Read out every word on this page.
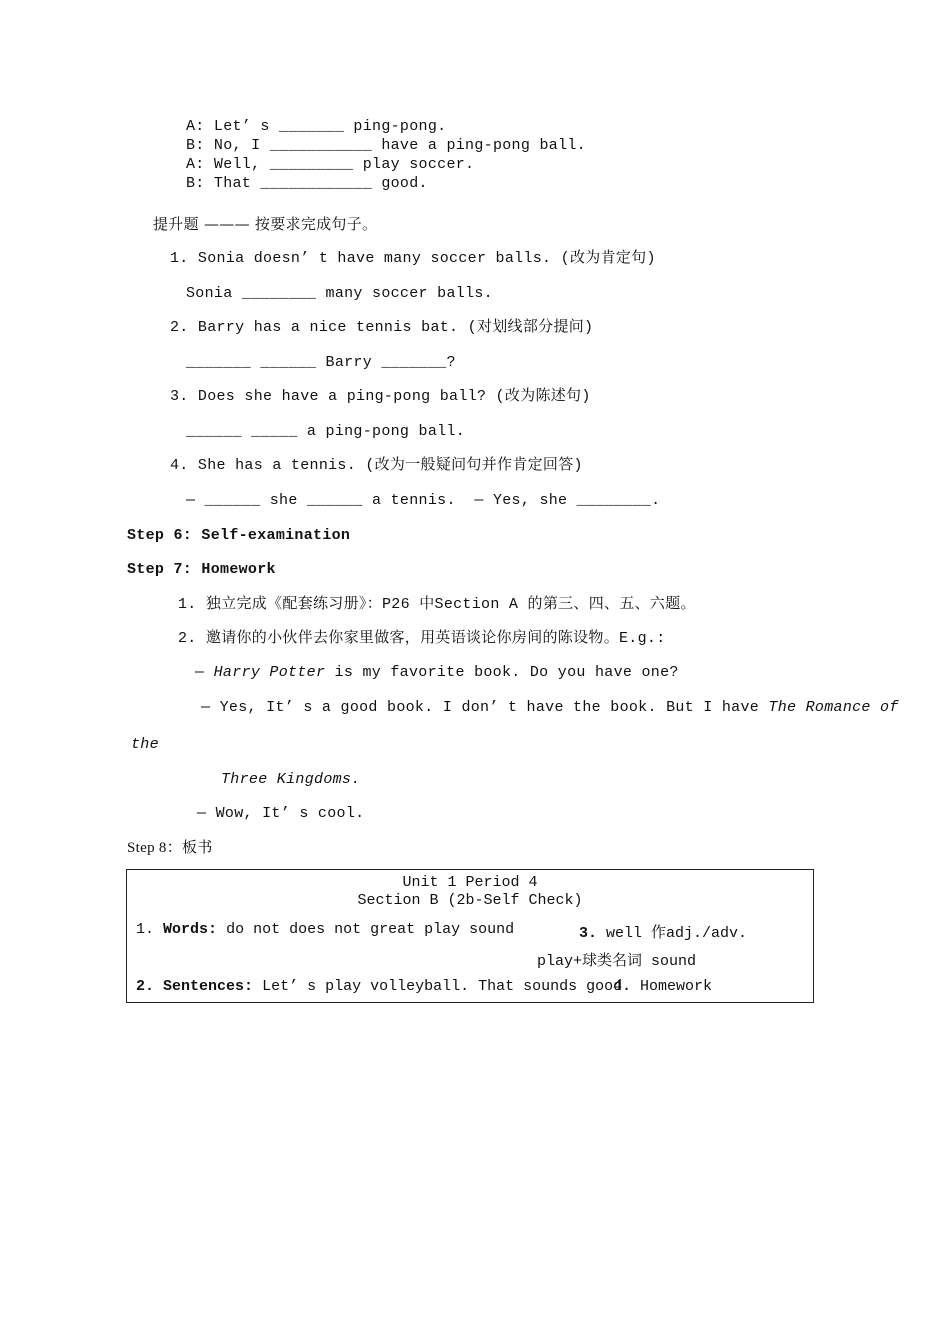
A: Let’ s _______ ping-pong.
B: No, I ___________ have a ping-pong ball.
A: Well, _________ play soccer.
B: That ____________ good.
提升题 ——— 按要求完成句子。
1. Sonia doesn’ t have many soccer balls. (改为肯定句)
Sonia ________ many soccer balls.
2. Barry has a nice tennis bat. (对划线部分提问)
_______ ______ Barry _______?
3. Does she have a ping-pong ball? (改为陈述句)
______ _____ a ping-pong ball.
4. She has a tennis. (改为一般疑问句并作肯定回答)
— ______ she ______ a tennis.  — Yes, she ________.
Step 6: Self-examination
Step 7: Homework
1. 独立完成《配套练习册》：P26 中Section A 的第三、四、五、六题。
2. 邀请你的小伙伴去你家里做客，用英语谈论你房间的陈设物。E.g.:
— Harry Potter is my favorite book. Do you have one?
— Yes, It’ s a good book. I don’ t have the book. But I have The Romance of
the
Three Kingdoms.
— Wow, It’ s cool.
Step 8：板书
Unit 1 Period 4
Section B (2b-Self Check)
1. Words: do not does not great play sound	3. well 作adj./adv.
play+球类名词 sound
2. Sentences: Let’ s play volleyball. That sounds good.
4. Homework
